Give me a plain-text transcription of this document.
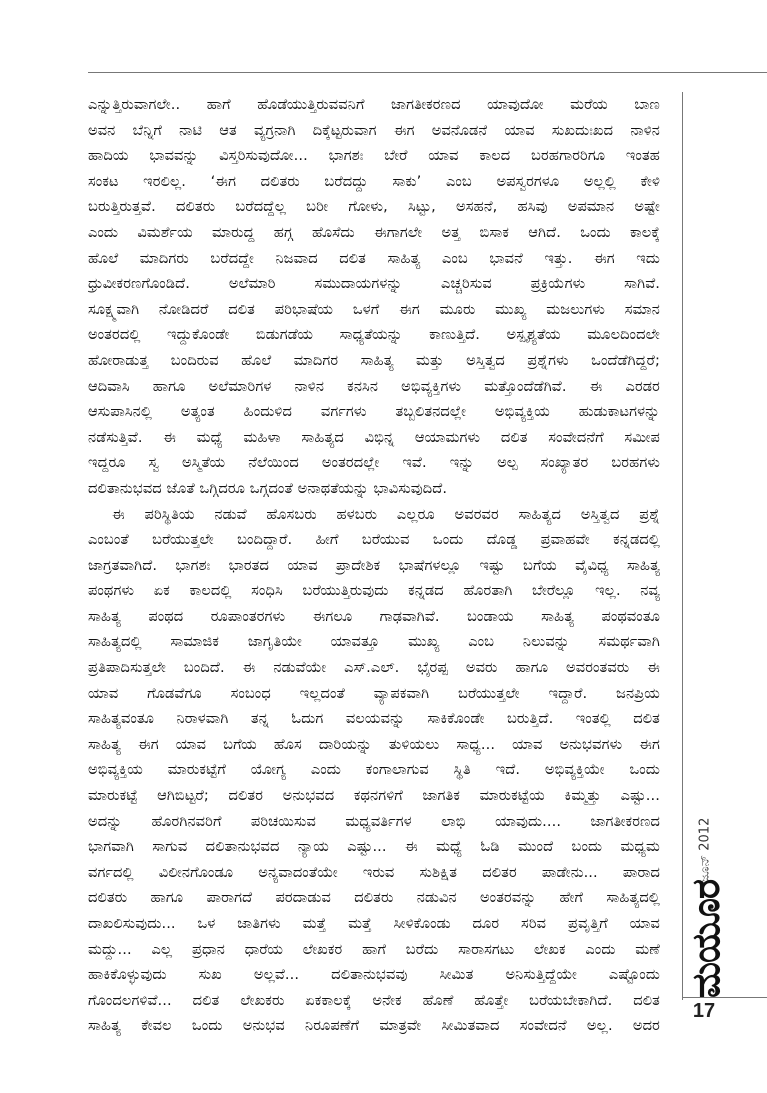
ಎನ್ನುತ್ತಿರುವಾಗಲೇ.. ಹಾಗೆ ಹೊಡೆಯುತ್ತಿರುವವನಿಗೆ ಜಾಗತೀಕರಣದ ಯಾವುದೋ ಮರೆಯ ಬಾಣ
ಅವನ ಬೆನ್ನಿಗೆ ನಾಟಿ ಆತ ವ್ಯಗ್ರನಾಗಿ ದಿಕ್ಕೆಟ್ಟರುವಾಗ ಈಗ ಅವನೊಡನೆ ಯಾವ ಸುಖದುಃಖದ ನಾಳಿನ
ಹಾದಿಯ ಭಾವವನ್ನು ವಿಸ್ತರಿಸುವುದೋ... ಭಾಗಶಃ ಬೇರೆ ಯಾವ ಕಾಲದ ಬರಹಗಾರರಿಗೂ ಇಂತಹ
ಸಂಕಟ ಇರಲಿಲ್ಲ. ‘ಈಗ ದಲಿತರು ಬರೆದದ್ದು ಸಾಕು’ ಎಂಬ ಅಪಸ್ವರಗಳೂ ಅಲ್ಲಲ್ಲಿ ಕೇಳಿ
ಬರುತ್ತಿರುತ್ತವೆ. ದಲಿತರು ಬರೆದದ್ದೆಲ್ಲ ಬರೀ ಗೋಳು, ಸಿಟ್ಟು, ಅಸಹನೆ, ಹಸಿವು ಅಪಮಾನ ಅಷ್ಟೇ
ಎಂದು ವಿಮರ್ಶೆಯ ಮಾರುದ್ದ ಹಗ್ಗ ಹೊಸೆದು ಈಗಾಗಲೇ ಅತ್ತ ಬಿಸಾಕ ಆಗಿದೆ. ಒಂದು ಕಾಲಕ್ಕೆ
ಹೊಲೆ ಮಾದಿಗರು ಬರೆದದ್ದೇ ನಿಜವಾದ ದಲಿತ ಸಾಹಿತ್ಯ ಎಂಬ ಭಾವನೆ ಇತ್ತು. ಈಗ ಇದು
ಧ್ರುವೀಕರಣಗೊಂಡಿದೆ. ಅಲೆಮಾರಿ ಸಮುದಾಯಗಳನ್ನು ಎಚ್ಚರಿಸುವ ಪ್ರಕ್ರಿಯೆಗಳು ಸಾಗಿವೆ.
ಸೂಕ್ಷ್ಮವಾಗಿ ನೋಡಿದರೆ ದಲಿತ ಪರಿಭಾಷೆಯ ಒಳಗೆ ಈಗ ಮೂರು ಮುಖ್ಯ ಮಜಲುಗಳು ಸಮಾನ
ಅಂತರದಲ್ಲಿ ಇದ್ದುಕೊಂಡೇ ಬಿಡುಗಡೆಯ ಸಾಧ್ಯತೆಯನ್ನು ಕಾಣುತ್ತಿದೆ. ಅಸ್ಪೃಶ್ಯತೆಯ ಮೂಲದಿಂದಲೇ
ಹೋರಾಡುತ್ತ ಬಂದಿರುವ ಹೊಲೆ ಮಾದಿಗರ ಸಾಹಿತ್ಯ ಮತ್ತು ಅಸ್ತಿತ್ವದ ಪ್ರಶ್ನೆಗಳು ಒಂದೆಡೆಗಿದ್ದರೆ;
ಆದಿವಾಸಿ ಹಾಗೂ ಅಲೆಮಾರಿಗಳ ನಾಳಿನ ಕನಸಿನ ಅಭಿವ್ಯಕ್ತಿಗಳು ಮತ್ತೊಂದೆಡೆಗಿವೆ. ಈ ಎರಡರ
ಆಸುಪಾಸಿನಲ್ಲಿ ಅತ್ಯಂತ ಹಿಂದುಳಿದ ವರ್ಗಗಳು ತಬ್ಬಲಿತನದಲ್ಲೇ ಅಭಿವ್ಯಕ್ತಿಯ ಹುಡುಕಾಟಗಳನ್ನು
ನಡೆಸುತ್ತಿವೆ. ಈ ಮಧ್ಯೆ ಮಹಿಳಾ ಸಾಹಿತ್ಯದ ವಿಭಿನ್ನ ಆಯಾಮಗಳು ದಲಿತ ಸಂವೇದನೆಗೆ ಸಮೀಪ
ಇದ್ದರೂ ಸ್ವ ಅಸ್ಮಿತೆಯ ನೆಲೆಯಿಂದ ಅಂತರದಲ್ಲೇ ಇವೆ. ಇನ್ನು ಅಲ್ಪ ಸಂಖ್ಯಾತರ ಬರಹಗಳು
ದಲಿತಾನುಭವದ ಜೊತೆ ಒಗ್ಗಿದರೂ ಒಗ್ಗದಂತೆ ಅನಾಥತೆಯನ್ನು ಭಾವಿಸುವುದಿದೆ.
ಈ ಪರಿಸ್ಥಿತಿಯ ನಡುವೆ ಹೊಸಬರು ಹಳಬರು ಎಲ್ಲರೂ ಅವರವರ ಸಾಹಿತ್ಯದ ಅಸ್ತಿತ್ವದ ಪ್ರಶ್ನೆ
ಎಂಬಂತೆ ಬರೆಯುತ್ತಲೇ ಬಂದಿದ್ದಾರೆ. ಹೀಗೆ ಬರೆಯುವ ಒಂದು ದೊಡ್ಡ ಪ್ರವಾಹವೇ ಕನ್ನಡದಲ್ಲಿ
ಜಾಗ್ರತವಾಗಿದೆ. ಭಾಗಶಃ ಭಾರತದ ಯಾವ ಪ್ರಾದೇಶಿಕ ಭಾಷೆಗಳಲ್ಲೂ ಇಷ್ಟು ಬಗೆಯ ವೈವಿಧ್ಯ ಸಾಹಿತ್ಯ
ಪಂಥಗಳು ಏಕ ಕಾಲದಲ್ಲಿ ಸಂಧಿಸಿ ಬರೆಯುತ್ತಿರುವುದು ಕನ್ನಡದ ಹೊರತಾಗಿ ಬೇರೆಲ್ಲೂ ಇಲ್ಲ. ನವ್ಯ
ಸಾಹಿತ್ಯ ಪಂಥದ ರೂಪಾಂತರಗಳು ಈಗಲೂ ಗಾಢವಾಗಿವೆ. ಬಂಡಾಯ ಸಾಹಿತ್ಯ ಪಂಥವಂತೂ
ಸಾಹಿತ್ಯದಲ್ಲಿ ಸಾಮಾಜಿಕ ಜಾಗೃತಿಯೇ ಯಾವತ್ತೂ ಮುಖ್ಯ ಎಂಬ ನಿಲುವನ್ನು ಸಮರ್ಥವಾಗಿ
ಪ್ರತಿಪಾದಿಸುತ್ತಲೇ ಬಂದಿದೆ. ಈ ನಡುವೆಯೇ ಎಸ್.ಎಲ್. ಭೈರಪ್ಪ ಅವರು ಹಾಗೂ ಅವರಂತವರು ಈ
ಯಾವ ಗೊಡವೆಗೂ ಸಂಬಂಧ ಇಲ್ಲದಂತೆ ವ್ಯಾಪಕವಾಗಿ ಬರೆಯುತ್ತಲೇ ಇದ್ದಾರೆ. ಜನಪ್ರಿಯ
ಸಾಹಿತ್ಯವಂತೂ ನಿರಾಳವಾಗಿ ತನ್ನ ಓದುಗ ವಲಯವನ್ನು ಸಾಕಿಕೊಂಡೇ ಬರುತ್ತಿದೆ. ಇಂತಲ್ಲಿ ದಲಿತ
ಸಾಹಿತ್ಯ ಈಗ ಯಾವ ಬಗೆಯ ಹೊಸ ದಾರಿಯನ್ನು ತುಳಿಯಲು ಸಾಧ್ಯ... ಯಾವ ಅನುಭವಗಳು ಈಗ
ಅಭಿವ್ಯಕ್ತಿಯ ಮಾರುಕಟ್ಟೆಗೆ ಯೋಗ್ಯ ಎಂದು ಕಂಗಾಲಾಗುವ ಸ್ಥಿತಿ ಇದೆ. ಅಭಿವ್ಯಕ್ತಿಯೇ ಒಂದು
ಮಾರುಕಟ್ಟೆ ಆಗಿಬಿಟ್ಟರೆ; ದಲಿತರ ಅನುಭವದ ಕಥನಗಳಿಗೆ ಜಾಗತಿಕ ಮಾರುಕಟ್ಟೆಯ ಕಿಮ್ಮತ್ತು ಎಷ್ಟು...
ಅದನ್ನು ಹೊರಗಿನವರಿಗೆ ಪರಿಚಯಿಸುವ ಮಧ್ಯವರ್ತಿಗಳ ಲಾಭಿ ಯಾವುದು.... ಜಾಗತೀಕರಣದ
ಭಾಗವಾಗಿ ಸಾಗುವ ದಲಿತಾನುಭವದ ನ್ಯಾಯ ಎಷ್ಟು... ಈ ಮಧ್ಯೆ ಓಡಿ ಮುಂದೆ ಬಂದು ಮಧ್ಯಮ
ವರ್ಗದಲ್ಲಿ ವಿಲೀನಗೊಂಡೂ ಅನ್ಯವಾದಂತೆಯೇ ಇರುವ ಸುಶಿಕ್ಷಿತ ದಲಿತರ ಪಾಡೇನು... ಪಾರಾದ
ದಲಿತರು ಹಾಗೂ ಪಾರಾಗದೆ ಪರದಾಡುವ ದಲಿತರು ನಡುವಿನ ಅಂತರವನ್ನು ಹೇಗೆ ಸಾಹಿತ್ಯದಲ್ಲಿ
ದಾಖಲಿಸುವುದು... ಒಳ ಜಾತಿಗಳು ಮತ್ತೆ ಮತ್ತೆ ಸೀಳಿಕೊಂಡು ದೂರ ಸರಿವ ಪ್ರವೃತ್ತಿಗೆ ಯಾವ
ಮದ್ದು... ಎಲ್ಲ ಪ್ರಧಾನ ಧಾರೆಯ ಲೇಖಕರ ಹಾಗೆ ಬರೆದು ಸಾರಾಸಗಟು ಲೇಖಕ ಎಂದು ಮಣೆ
ಹಾಕಿಕೊಳ್ಳುವುದು ಸುಖ ಅಲ್ಲವೆ... ದಲಿತಾನುಭವವು ಸೀಮಿತ ಅನಿಸುತ್ತಿದ್ದೆಯೇ ಎಷ್ಟೊಂದು
ಗೊಂದಲಗಳಿವೆ... ದಲಿತ ಲೇಖಕರು ಏಕಕಾಲಕ್ಕೆ ಅನೇಕ ಹೊಣೆ ಹೊತ್ತೇ ಬರೆಯಬೇಕಾಗಿದೆ. ದಲಿತ
ಸಾಹಿತ್ಯ ಕೇವಲ ಒಂದು ಅನುಭವ ನಿರೂಪಣೆಗೆ ಮಾತ್ರವೇ ಸೀಮಿತವಾದ ಸಂವೇದನೆ ಅಲ್ಲ. ಅದರ
ಜೂನ್ 2012
ಮಯೂರ
17
